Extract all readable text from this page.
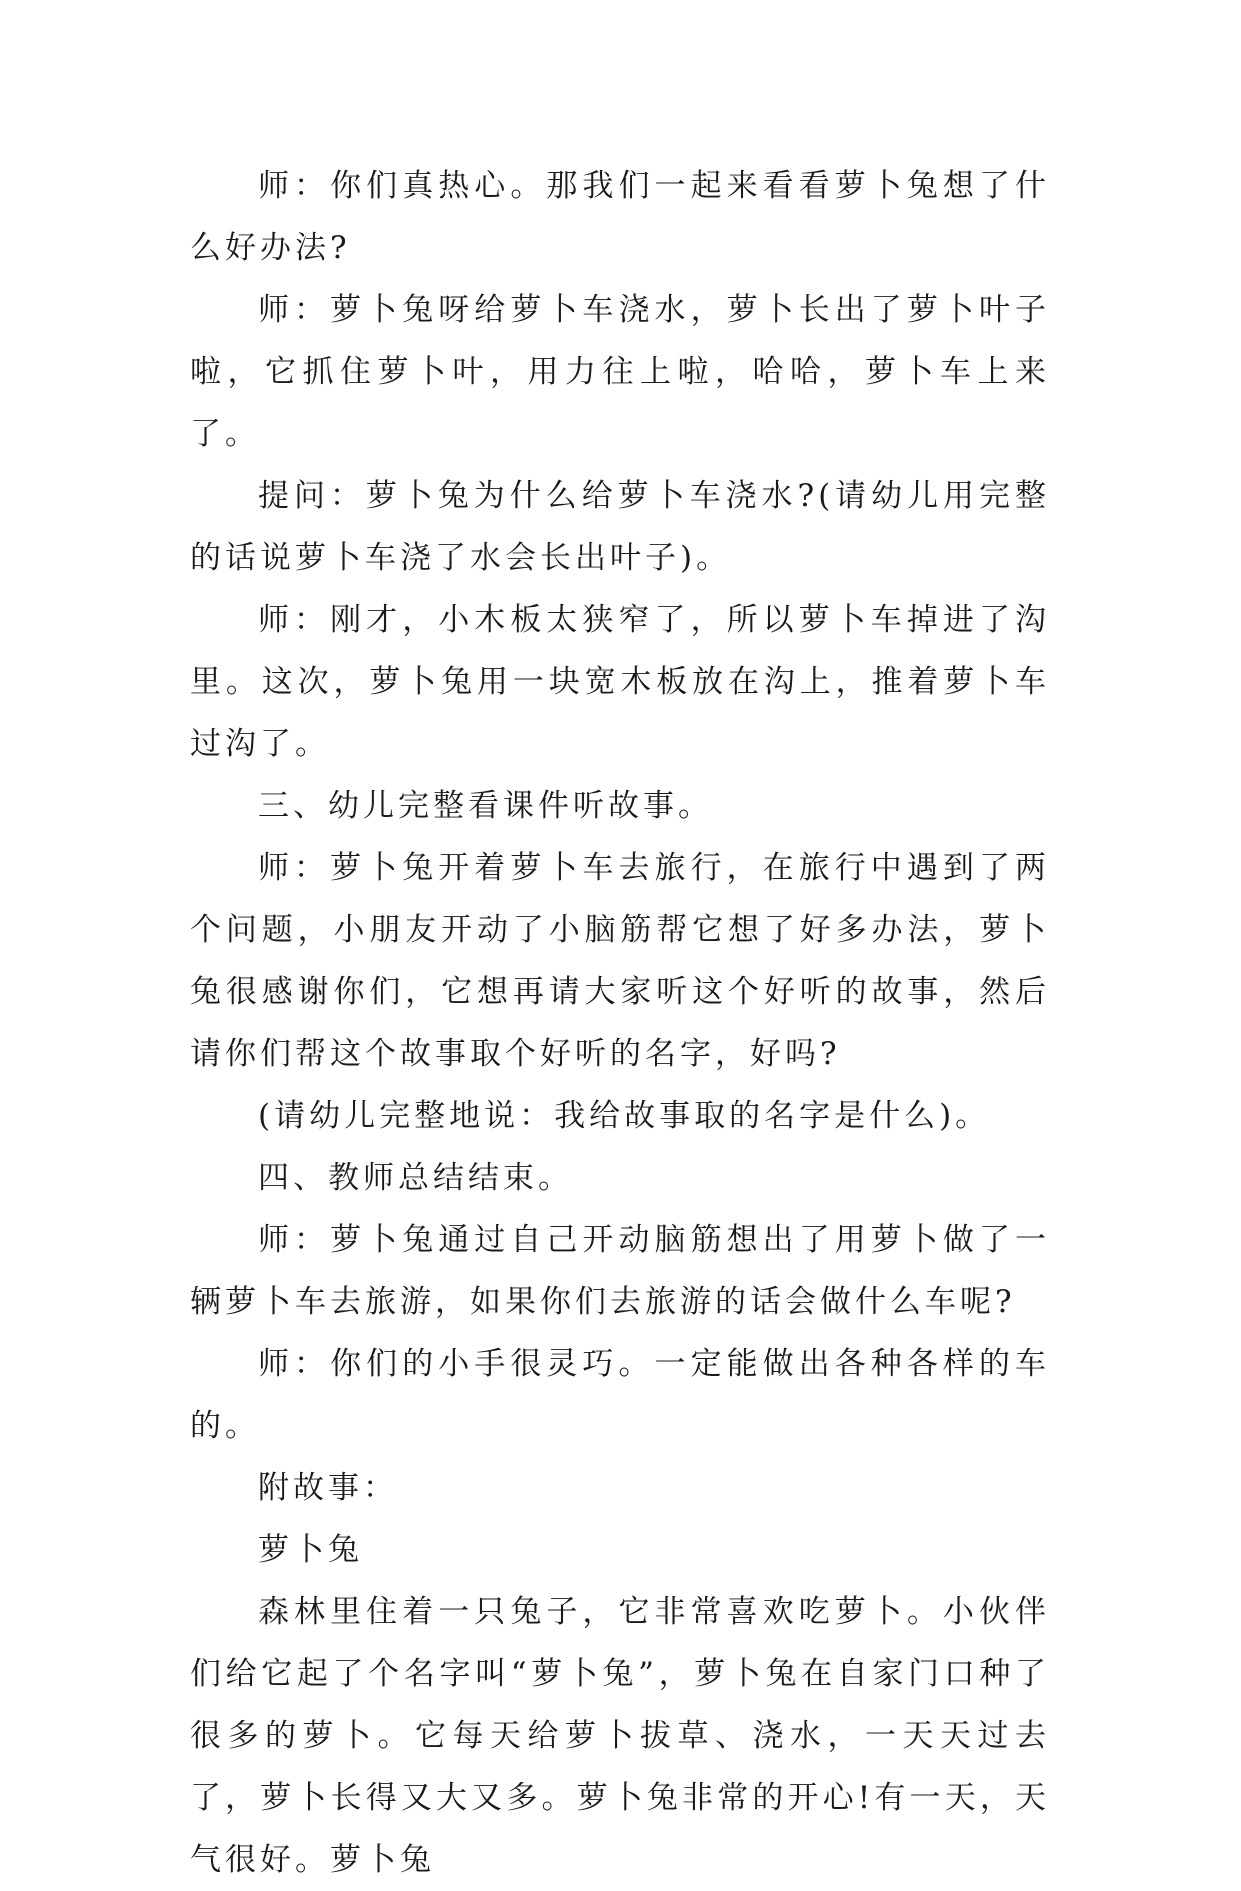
师：你们真热心。那我们一起来看看萝卜兔想了什么好办法?

师：萝卜兔呀给萝卜车浇水，萝卜长出了萝卜叶子啦，它抓住萝卜叶，用力往上啦，哈哈，萝卜车上来了。

提问：萝卜兔为什么给萝卜车浇水?(请幼儿用完整的话说萝卜车浇了水会长出叶子)。

师：刚才，小木板太狭窄了，所以萝卜车掉进了沟里。这次，萝卜兔用一块宽木板放在沟上，推着萝卜车过沟了。

三、幼儿完整看课件听故事。

师：萝卜兔开着萝卜车去旅行，在旅行中遇到了两个问题，小朋友开动了小脑筋帮它想了好多办法，萝卜兔很感谢你们，它想再请大家听这个好听的故事，然后请你们帮这个故事取个好听的名字，好吗?

(请幼儿完整地说：我给故事取的名字是什么)。

四、教师总结结束。

师：萝卜兔通过自己开动脑筋想出了用萝卜做了一辆萝卜车去旅游，如果你们去旅游的话会做什么车呢?

师：你们的小手很灵巧。一定能做出各种各样的车的。

附故事：

萝卜兔

森林里住着一只兔子，它非常喜欢吃萝卜。小伙伴们给它起了个名字叫“萝卜兔”，萝卜兔在自家门口种了很多的萝卜。它每天给萝卜拔草、浇水，一天天过去了，萝卜长得又大又多。萝卜兔非常的开心!有一天，天气很好。萝卜兔
